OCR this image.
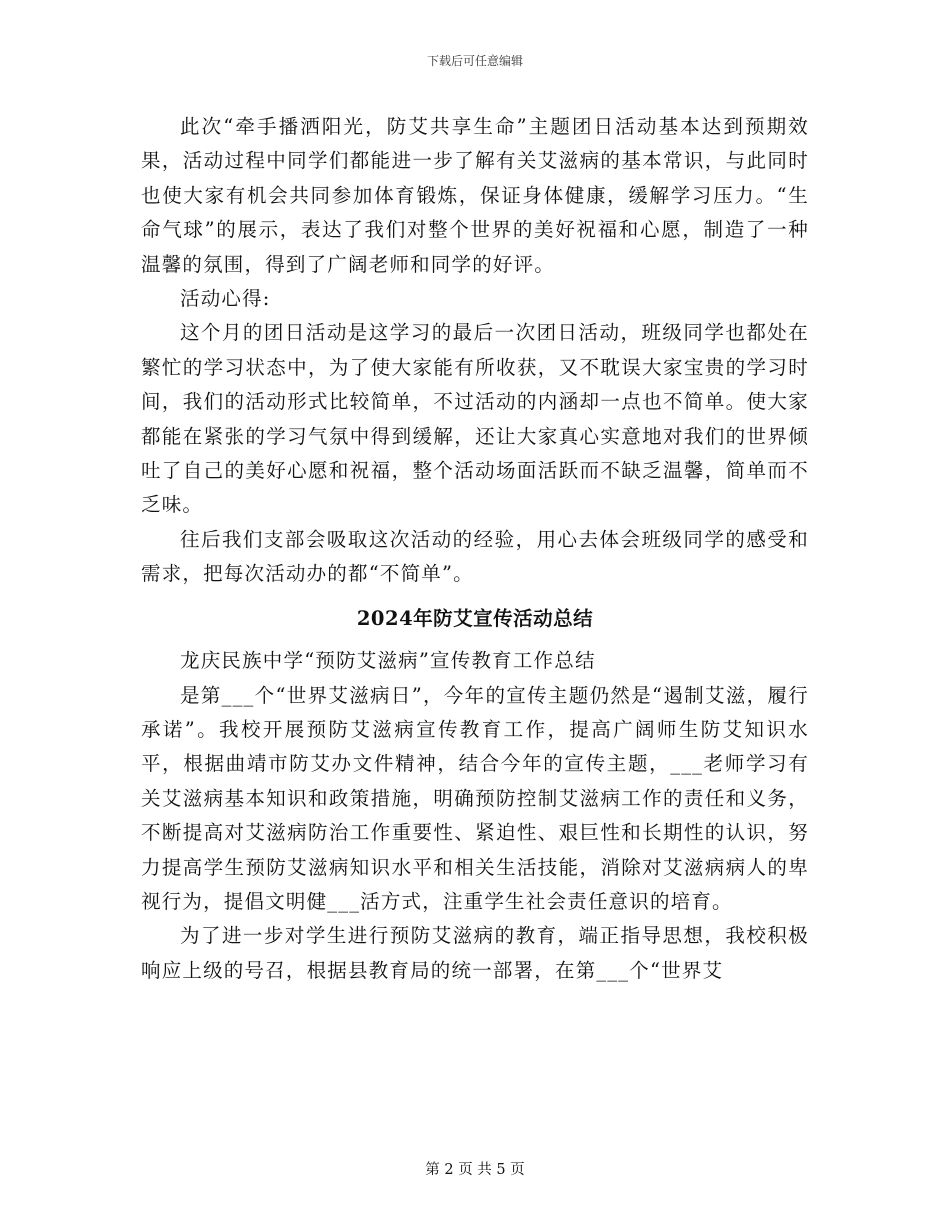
下载后可任意编辑

此次“牵手播洒阳光，防艾共享生命”主题团日活动基本达到预期效果，活动过程中同学们都能进一步了解有关艾滋病的基本常识，与此同时也使大家有机会共同参加体育锻炼，保证身体健康，缓解学习压力。“生命气球”的展示，表达了我们对整个世界的美好祝福和心愿，制造了一种温馨的氛围，得到了广阔老师和同学的好评。

活动心得:

这个月的团日活动是这学习的最后一次团日活动，班级同学也都处在繁忙的学习状态中，为了使大家能有所收获，又不耽误大家宝贵的学习时间，我们的活动形式比较简单，不过活动的内涵却一点也不简单。使大家都能在紧张的学习气氛中得到缓解，还让大家真心实意地对我们的世界倾吐了自己的美好心愿和祝福，整个活动场面活跃而不缺乏温馨，简单而不乏味。

往后我们支部会吸取这次活动的经验，用心去体会班级同学的感受和需求，把每次活动办的都“不简单”。

2024年防艾宣传活动总结

龙庆民族中学“预防艾滋病”宣传教育工作总结

是第___个“世界艾滋病日”，今年的宣传主题仍然是“遏制艾滋，履行承诺”。我校开展预防艾滋病宣传教育工作，提高广阔师生防艾知识水平，根据曲靖市防艾办文件精神，结合今年的宣传主题，___老师学习有关艾滋病基本知识和政策措施，明确预防控制艾滋病工作的责任和义务，不断提高对艾滋病防治工作重要性、紧迫性、艰巨性和长期性的认识，努力提高学生预防艾滋病知识水平和相关生活技能，消除对艾滋病病人的卑视行为，提倡文明健___活方式，注重学生社会责任意识的培育。

为了进一步对学生进行预防艾滋病的教育，端正指导思想，我校积极响应上级的号召，根据县教育局的统一部署，在第___个“世界艾

第 2 页 共 5 页
